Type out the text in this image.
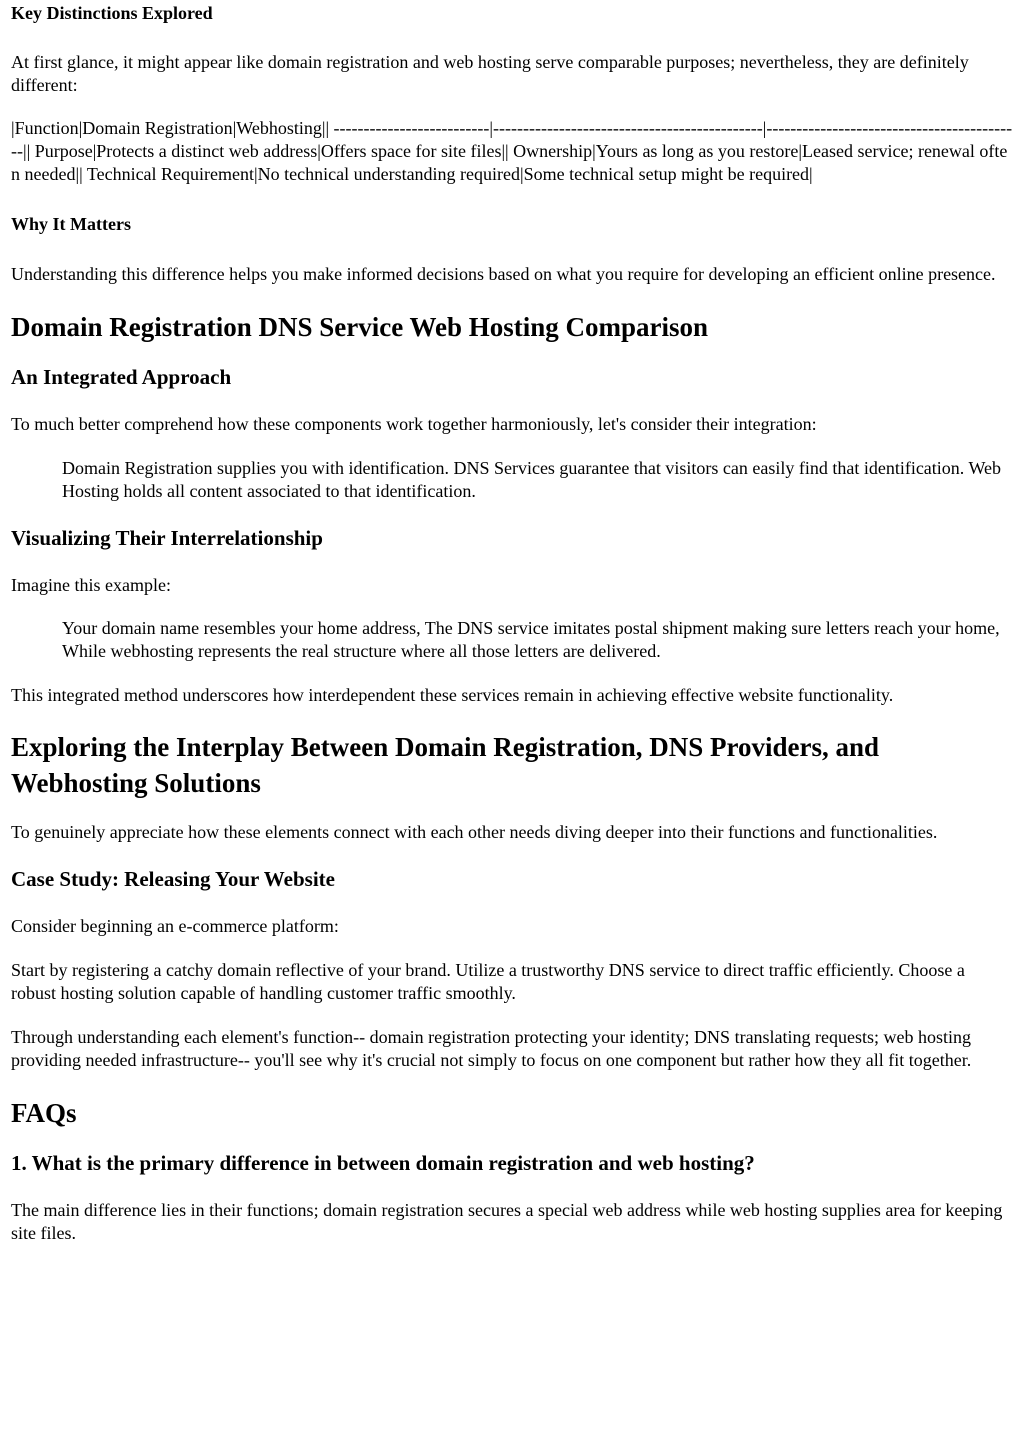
Key Distinctions Explored

At first glance, it might appear like domain registration and web hosting serve comparable purposes; nevertheless, they are definitely different:

|Function|Domain Registration|Webhosting|| --------------------------|---------------------------------------------|-------------------------------------------|| Purpose|Protects a distinct web address|Offers space for site files|| Ownership|Yours as long as you restore|Leased service; renewal often needed|| Technical Requirement|No technical understanding required|Some technical setup might be required|

Why It Matters

Understanding this difference helps you make informed decisions based on what you require for developing an efficient online presence.

Domain Registration DNS Service Web Hosting Comparison
An Integrated Approach

To much better comprehend how these components work together harmoniously, let's consider their integration:

Domain Registration supplies you with identification. DNS Services guarantee that visitors can easily find that identification. Web Hosting holds all content associated to that identification.
Visualizing Their Interrelationship

Imagine this example:

Your domain name resembles your home address, The DNS service imitates postal shipment making sure letters reach your home, While webhosting represents the real structure where all those letters are delivered.

This integrated method underscores how interdependent these services remain in achieving effective website functionality.

Exploring the Interplay Between Domain Registration, DNS Providers, and Webhosting Solutions

To genuinely appreciate how these elements connect with each other needs diving deeper into their functions and functionalities.

Case Study: Releasing Your Website

Consider beginning an e-commerce platform:

Start by registering a catchy domain reflective of your brand. Utilize a trustworthy DNS service to direct traffic efficiently. Choose a robust hosting solution capable of handling customer traffic smoothly.

Through understanding each element's function-- domain registration protecting your identity; DNS translating requests; web hosting providing needed infrastructure-- you'll see why it's crucial not simply to focus on one component but rather how they all fit together.

FAQs
1. What is the primary difference in between domain registration and web hosting?

The main difference lies in their functions; domain registration secures a special web address while web hosting supplies area for keeping site files.
